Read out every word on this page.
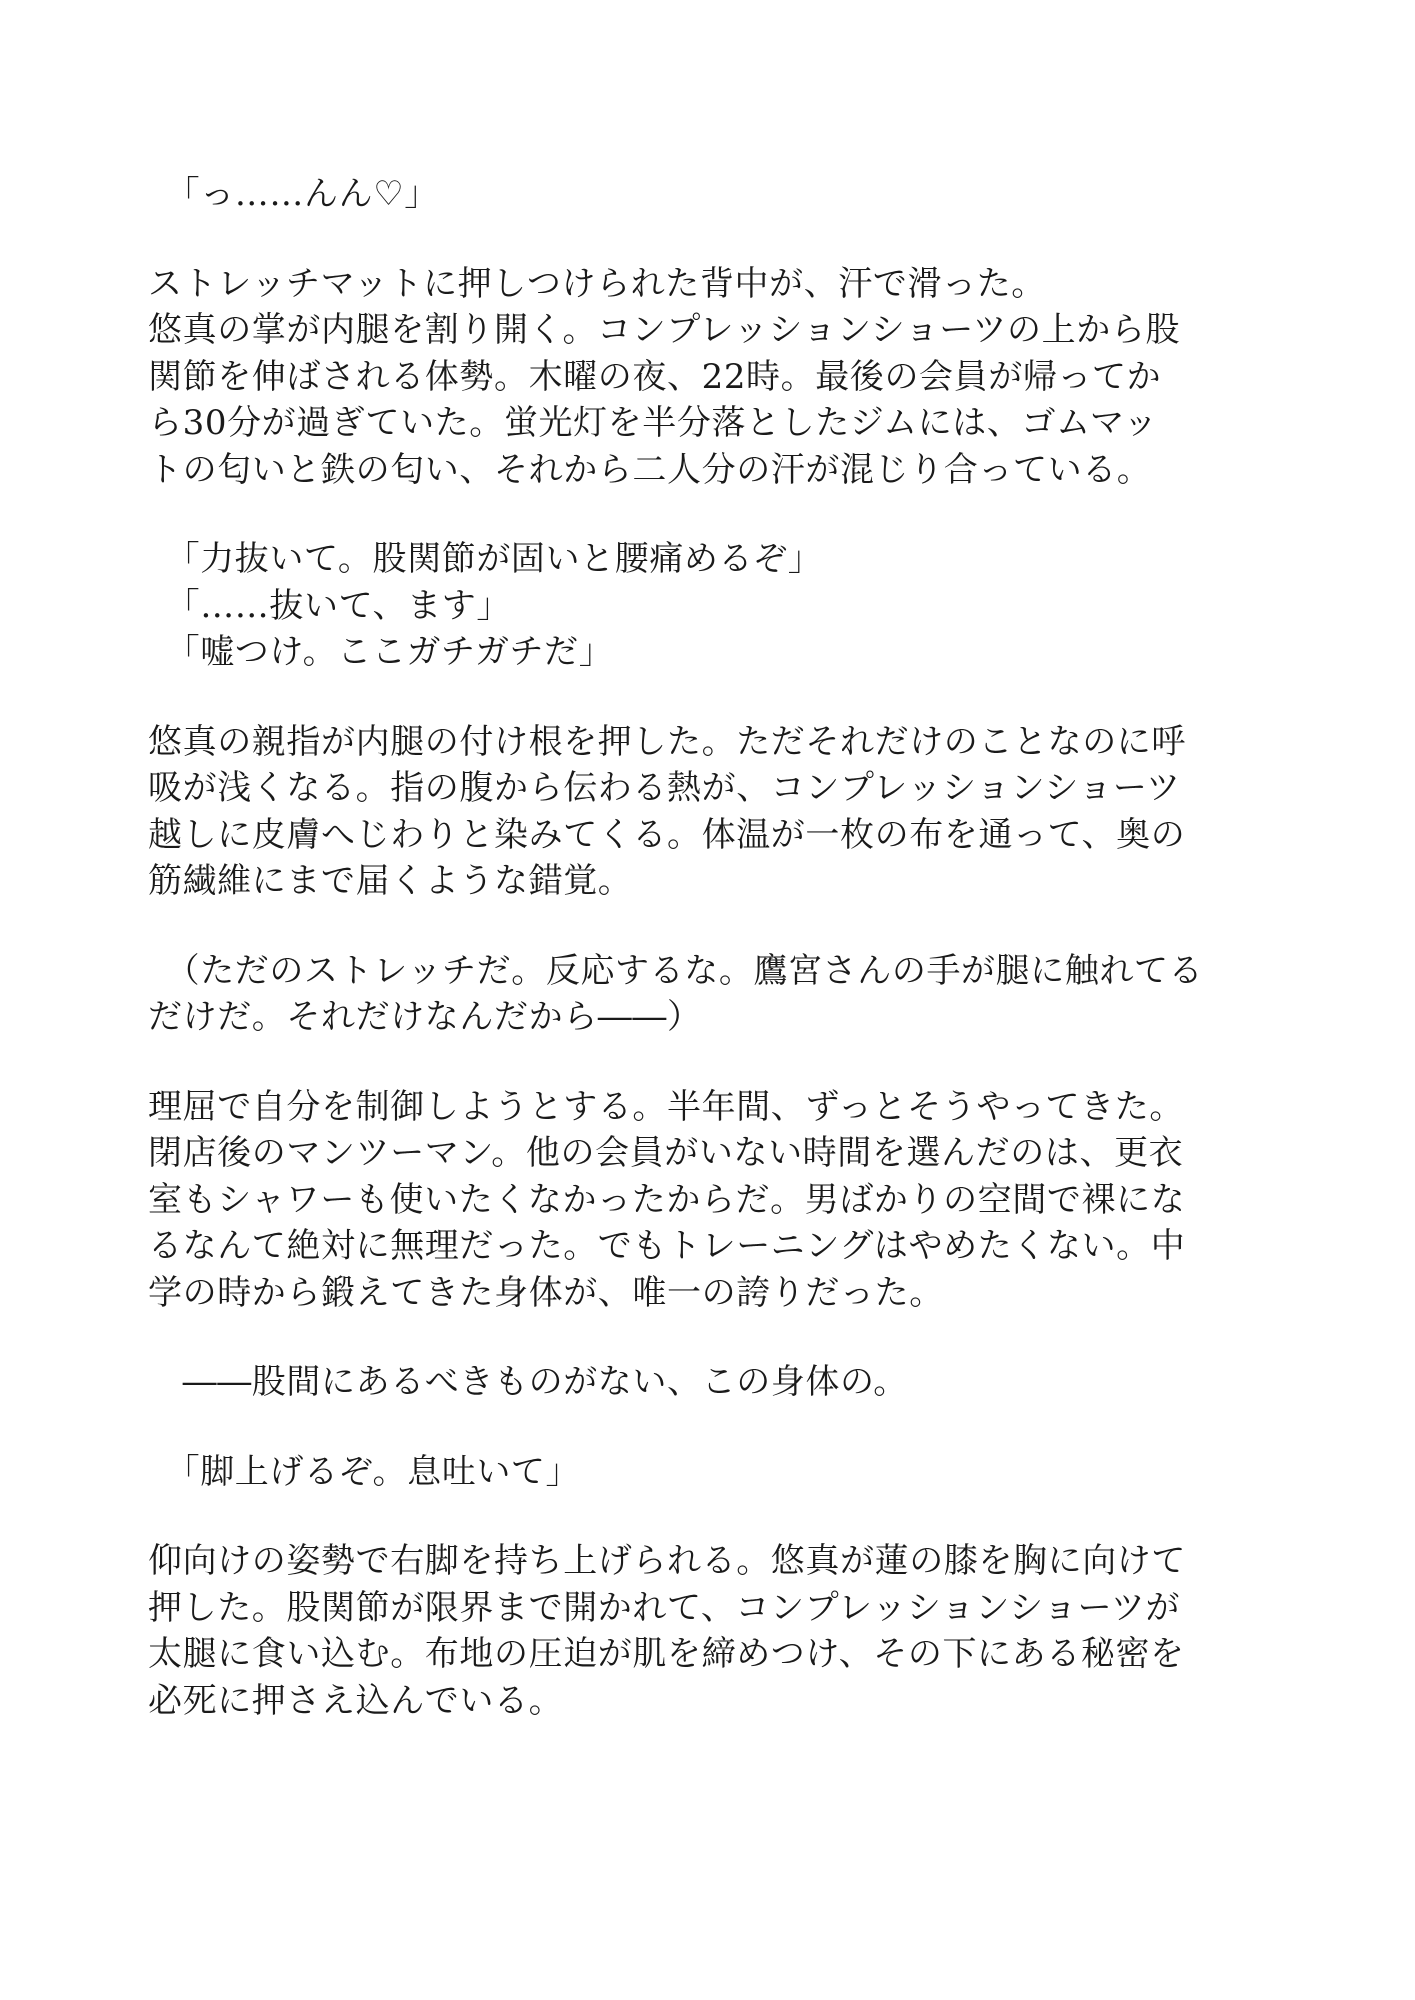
　「っ……んん♡」
ストレッチマットに押しつけられた背中が、汗で滑った。
悠真の掌が内腿を割り開く。コンプレッションショーツの上から股
関節を伸ばされる体勢。木曜の夜、22時。最後の会員が帰ってか
ら30分が過ぎていた。蛍光灯を半分落としたジムには、ゴムマッ
トの匂いと鉄の匂い、それから二人分の汗が混じり合っている。
　「力抜いて。股関節が固いと腰痛めるぞ」
　「……抜いて、ます」
　「嘘つけ。ここガチガチだ」
悠真の親指が内腿の付け根を押した。ただそれだけのことなのに呼
吸が浅くなる。指の腹から伝わる熱が、コンプレッションショーツ
越しに皮膚へじわりと染みてくる。体温が一枚の布を通って、奥の
筋繊維にまで届くような錯覚。
　（ただのストレッチだ。反応するな。鷹宮さんの手が腿に触れてる
だけだ。それだけなんだから――）
理屈で自分を制御しようとする。半年間、ずっとそうやってきた。
閉店後のマンツーマン。他の会員がいない時間を選んだのは、更衣
室もシャワーも使いたくなかったからだ。男ばかりの空間で裸にな
るなんて絶対に無理だった。でもトレーニングはやめたくない。中
学の時から鍛えてきた身体が、唯一の誇りだった。
　――股間にあるべきものがない、この身体の。
　「脚上げるぞ。息吐いて」
仰向けの姿勢で右脚を持ち上げられる。悠真が蓮の膝を胸に向けて
押した。股関節が限界まで開かれて、コンプレッションショーツが
太腿に食い込む。布地の圧迫が肌を締めつけ、その下にある秘密を
必死に押さえ込んでいる。
